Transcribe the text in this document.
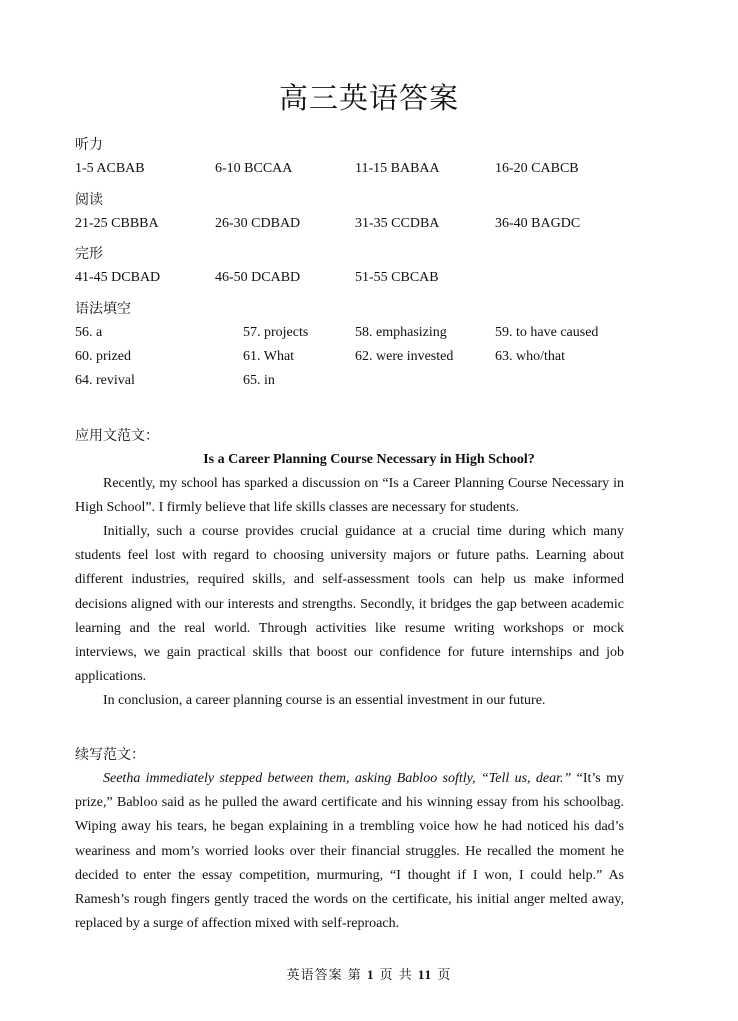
高三英语答案
听力
1-5 ACBAB	6-10 BCCAA	11-15 BABAA	16-20 CABCB
阅读
21-25 CBBBA	26-30 CDBAD	31-35 CCDBA	36-40 BAGDC
完形
41-45 DCBAD	46-50 DCABD	51-55 CBCAB
语法填空
56. a	57. projects	58. emphasizing	59. to have caused
60. prized	61. What	62. were invested	63. who/that
64. revival	65. in
应用文范文：
Is a Career Planning Course Necessary in High School?

Recently, my school has sparked a discussion on “Is a Career Planning Course Necessary in High School”. I firmly believe that life skills classes are necessary for students.

Initially, such a course provides crucial guidance at a crucial time during which many students feel lost with regard to choosing university majors or future paths. Learning about different industries, required skills, and self-assessment tools can help us make informed decisions aligned with our interests and strengths. Secondly, it bridges the gap between academic learning and the real world. Through activities like resume writing workshops or mock interviews, we gain practical skills that boost our confidence for future internships and job applications.

In conclusion, a career planning course is an essential investment in our future.

续写范文：

Seetha immediately stepped between them, asking Babloo softly, “Tell us, dear.” “It’s my prize,” Babloo said as he pulled the award certificate and his winning essay from his schoolbag. Wiping away his tears, he began explaining in a trembling voice how he had noticed his dad’s weariness and mom’s worried looks over their financial struggles. He recalled the moment he decided to enter the essay competition, murmuring, “I thought if I won, I could help.” As Ramesh’s rough fingers gently traced the words on the certificate, his initial anger melted away, replaced by a surge of affection mixed with self-reproach.

英语答案 第 1 页 共 11 页
